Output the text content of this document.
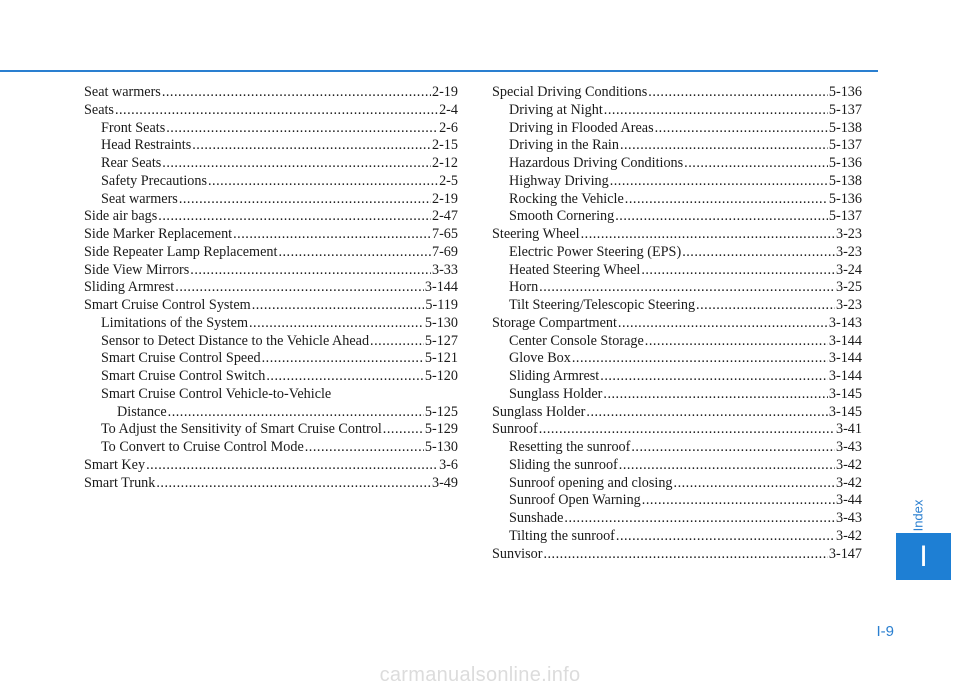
Seat warmers .....	2-19
Seats .....	2-4
Front Seats .....	2-6
Head Restraints .....	2-15
Rear Seats .....	2-12
Safety Precautions .....	2-5
Seat warmers .....	2-19
Side air bags .....	2-47
Side Marker Replacement .....	7-65
Side Repeater Lamp Replacement .....	7-69
Side View Mirrors .....	3-33
Sliding Armrest .....	3-144
Smart Cruise Control System .....	5-119
Limitations of the System .....	5-130
Sensor to Detect Distance to the Vehicle Ahead .....	5-127
Smart Cruise Control Speed .....	5-121
Smart Cruise Control Switch .....	5-120
Smart Cruise Control Vehicle-to-Vehicle
Distance .....	5-125
To Adjust the Sensitivity of Smart Cruise Control .....	5-129
To Convert to Cruise Control Mode .....	5-130
Smart Key .....	3-6
Smart Trunk .....	3-49
Special Driving Conditions .....	5-136
Driving at Night .....	5-137
Driving in Flooded Areas .....	5-138
Driving in the Rain .....	5-137
Hazardous Driving Conditions .....	5-136
Highway Driving .....	5-138
Rocking the Vehicle .....	5-136
Smooth Cornering .....	5-137
Steering Wheel .....	3-23
Electric Power Steering (EPS) .....	3-23
Heated Steering Wheel .....	3-24
Horn .....	3-25
Tilt Steering/Telescopic Steering .....	3-23
Storage Compartment .....	3-143
Center Console Storage .....	3-144
Glove Box .....	3-144
Sliding Armrest .....	3-144
Sunglass Holder .....	3-145
Sunglass Holder .....	3-145
Sunroof .....	3-41
Resetting the sunroof .....	3-43
Sliding the sunroof .....	3-42
Sunroof opening and closing .....	3-42
Sunroof Open Warning .....	3-44
Sunshade .....	3-43
Tilting the sunroof .....	3-42
Sunvisor .....	3-147
Index
I
I-9
carmanualsonline.info
